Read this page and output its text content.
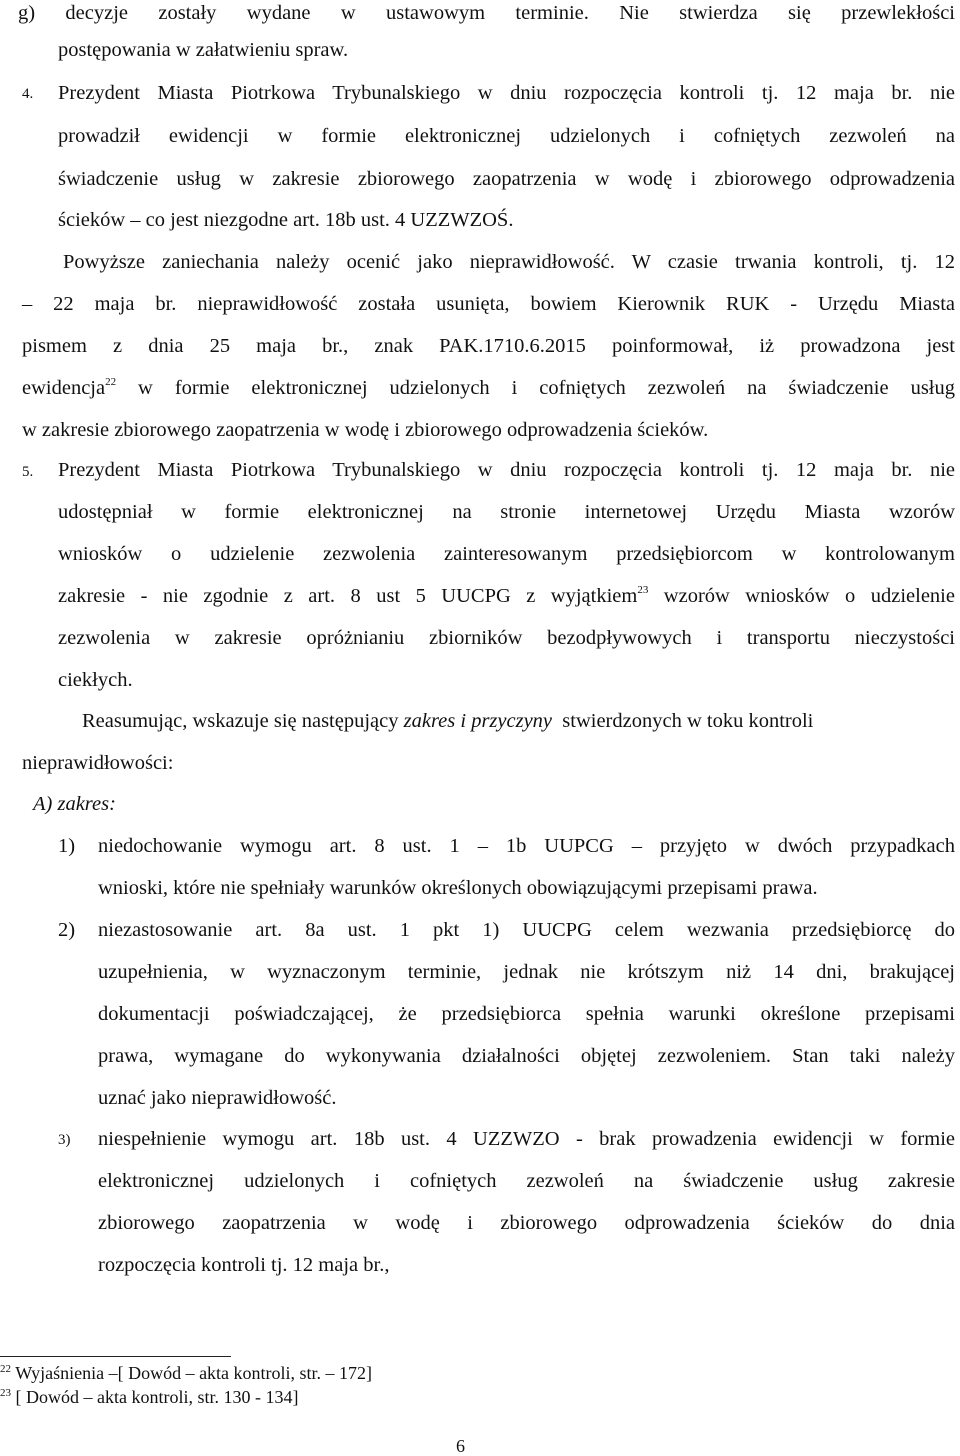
g) decyzje zostały wydane w ustawowym terminie. Nie stwierdza się przewlekłości
postępowania w załatwieniu spraw.
4. Prezydent Miasta Piotrkowa Trybunalskiego w dniu rozpoczęcia kontroli tj. 12 maja br. nie
prowadził ewidencji w formie elektronicznej udzielonych i cofniętych zezwoleń na
świadczenie usług w zakresie zbiorowego zaopatrzenia w wodę i zbiorowego odprowadzenia
ścieków – co jest niezgodne art. 18b ust. 4 UZZWZOŚ.
Powyższe zaniechania należy ocenić jako nieprawidłowość. W czasie trwania kontroli, tj. 12
– 22 maja br. nieprawidłowość została usunięta, bowiem Kierownik RUK - Urzędu Miasta
pismem z dnia 25 maja br., znak PAK.1710.6.2015 poinformował, iż prowadzona jest
ewidencja$^{22}$ w formie elektronicznej udzielonych i cofniętych zezwoleń na świadczenie usług
w zakresie zbiorowego zaopatrzenia w wodę i zbiorowego odprowadzenia ścieków.
5. Prezydent Miasta Piotrkowa Trybunalskiego w dniu rozpoczęcia kontroli tj. 12 maja br. nie
udostępniał w formie elektronicznej na stronie internetowej Urzędu Miasta wzorów
wniosków o udzielenie zezwolenia zainteresowanym przedsiębiorcom w kontrolowanym
zakresie - nie zgodnie z art. 8 ust 5 UUCPG z wyjątkiem$^{23}$ wzorów wniosków o udzielenie
zezwolenia w zakresie opróżnianiu zbiorników bezodpływowych i transportu nieczystości
ciekłych.
Reasumując, wskazuje się następujący zakres i przyczyny  stwierdzonych w toku kontroli
nieprawidłowości:
A) zakres:
1) niedochowanie wymogu art. 8 ust. 1 – 1b UUPCG – przyjęto w dwóch przypadkach
wnioski, które nie spełniały warunków określonych obowiązującymi przepisami prawa.
2) niezastosowanie art. 8a ust. 1 pkt 1) UUCPG celem wezwania przedsiębiorcę do
uzupełnienia, w wyznaczonym terminie, jednak nie krótszym niż 14 dni, brakującej
dokumentacji poświadczającej, że przedsiębiorca spełnia warunki określone przepisami
prawa, wymagane do wykonywania działalności objętej zezwoleniem. Stan taki należy
uznać jako nieprawidłowość.
3) niespełnienie wymogu art. 18b ust. 4 UZZWZO - brak prowadzenia ewidencji w formie
elektronicznej udzielonych i cofniętych zezwoleń na świadczenie usług zakresie
zbiorowego zaopatrzenia w wodę i zbiorowego odprowadzenia ścieków do dnia
rozpoczęcia kontroli tj. 12 maja br.,
$^{22}$ Wyjaśnienia –[ Dowód – akta kontroli, str. – 172]
$^{23}$ [ Dowód – akta kontroli, str. 130 - 134]
6
